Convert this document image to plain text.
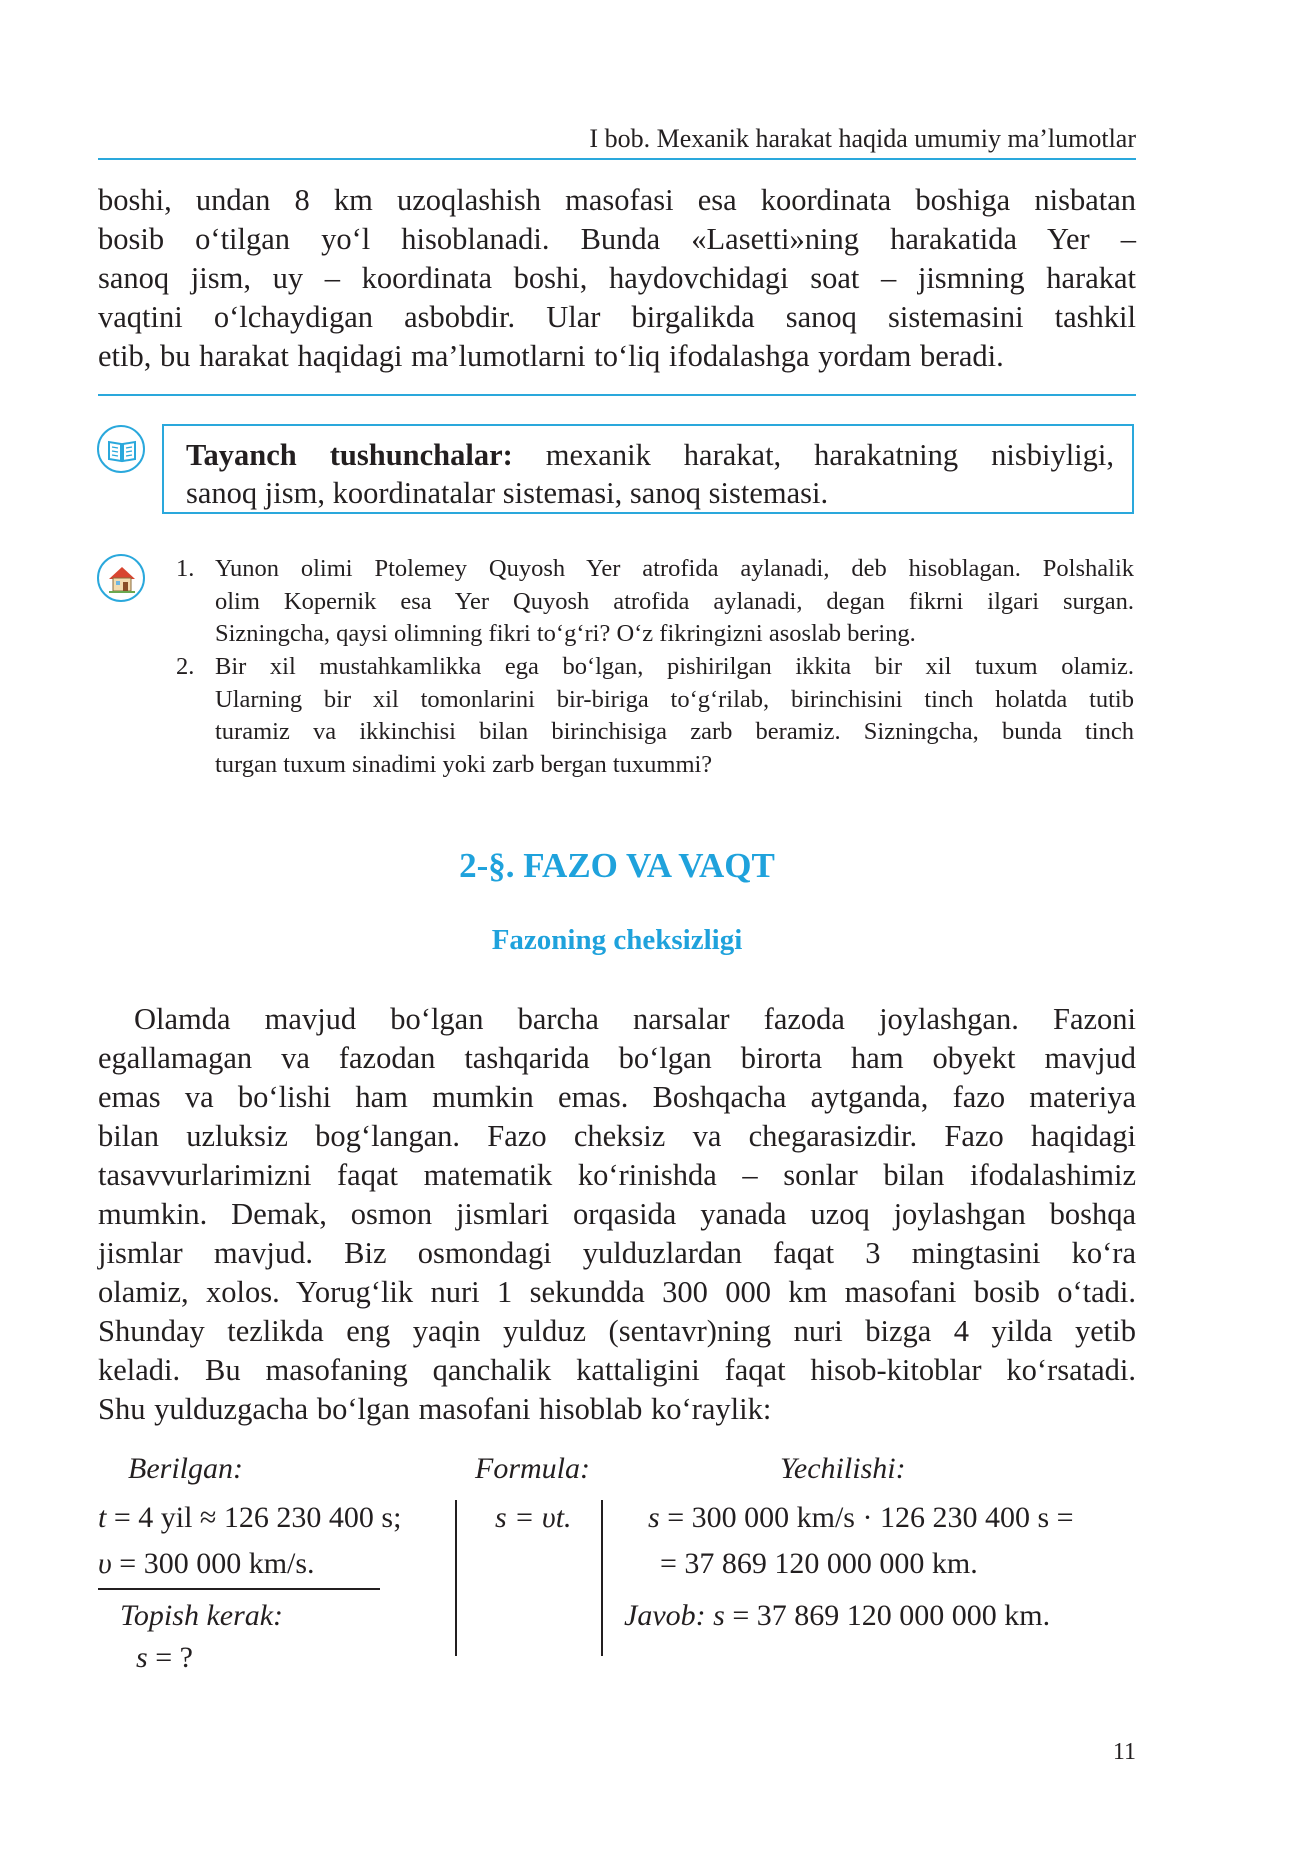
I bob. Mexanik harakat haqida umumiy ma’lumotlar
boshi, undan 8 km uzoqlashish masofasi esa koordinata boshiga nisbatan
bosib o‘tilgan yo‘l hisoblanadi. Bunda «Lasetti»ning harakatida Yer –
sanoq jism, uy – koordinata boshi, haydovchidagi soat – jismning harakat
vaqtini o‘lchaydigan asbobdir. Ular birgalikda sanoq sistemasini tashkil
etib, bu harakat haqidagi ma’lumotlarni to‘liq ifodalashga yordam beradi.
Tayanch tushunchalar: mexanik harakat, harakatning nisbiyligi,
sanoq jism, koordinatalar sistemasi, sanoq sistemasi.
1. Yunon olimi Ptolemey Quyosh Yer atrofida aylanadi, deb hisoblagan. Polshalik
olim Kopernik esa Yer Quyosh atrofida aylanadi, degan fikrni ilgari surgan.
Sizningcha, qaysi olimning fikri to‘g‘ri? O‘z fikringizni asoslab bering.
2. Bir xil mustahkamlikka ega bo‘lgan, pishirilgan ikkita bir xil tuxum olamiz.
Ularning bir xil tomonlarini bir-biriga to‘g‘rilab, birinchisini tinch holatda tutib
turamiz va ikkinchisi bilan birinchisiga zarb beramiz. Sizningcha, bunda tinch
turgan tuxum sinadimi yoki zarb bergan tuxummi?
2-§. FAZO VA VAQT
Fazoning cheksizligi
Olamda mavjud bo‘lgan barcha narsalar fazoda joylashgan. Fazoni
egallamagan va fazodan tashqarida bo‘lgan birorta ham obyekt mavjud
emas va bo‘lishi ham mumkin emas. Boshqacha aytganda, fazo materiya
bilan uzluksiz bog‘langan. Fazo cheksiz va chegarasizdir. Fazo haqidagi
tasavvurlarimizni faqat matematik ko‘rinishda – sonlar bilan ifodalashimiz
mumkin. Demak, osmon jismlari orqasida yanada uzoq joylashgan boshqa
jismlar mavjud. Biz osmondagi yulduzlardan faqat 3 mingtasini ko‘ra
olamiz, xolos. Yorug‘lik nuri 1 sekundda 300 000 km masofani bosib o‘tadi.
Shunday tezlikda eng yaqin yulduz (sentavr)ning nuri bizga 4 yilda yetib
keladi. Bu masofaning qanchalik kattaligini faqat hisob-kitoblar ko‘rsatadi.
Shu yulduzgacha bo‘lgan masofani hisoblab ko‘raylik:
Berilgan:
t = 4 yil ≈ 126 230 400 s;
υ = 300 000 km/s.
Topish kerak:
s = ?
Formula:
s = υt.
Yechilishi:
s = 300 000 km/s · 126 230 400 s =
= 37 869 120 000 000 km.
Javob: s = 37 869 120 000 000 km.
11
